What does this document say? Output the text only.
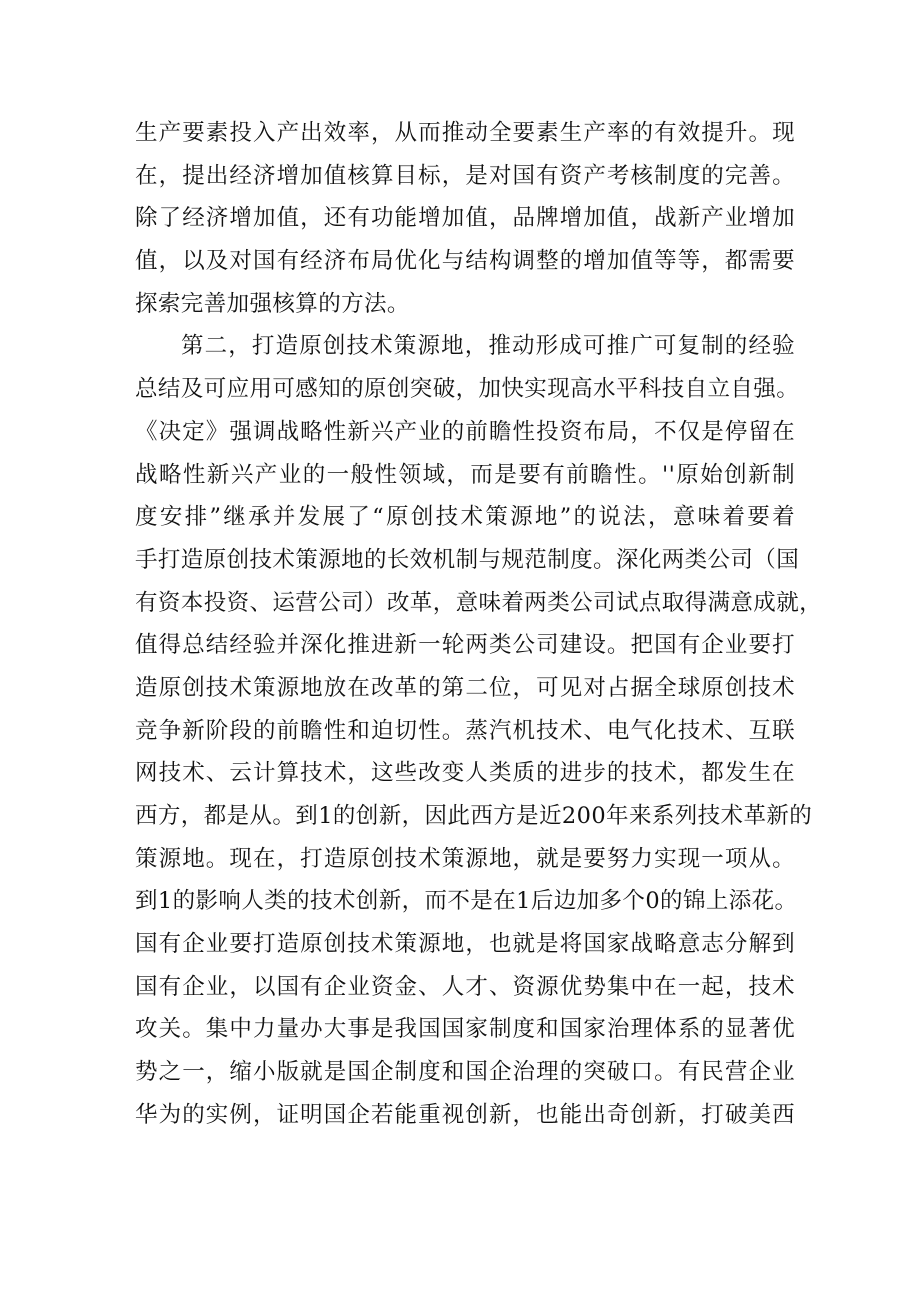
生产要素投入产出效率，从而推动全要素生产率的有效提升。现
在，提出经济增加值核算目标，是对国有资产考核制度的完善。
除了经济增加值，还有功能增加值，品牌增加值，战新产业增加
值，以及对国有经济布局优化与结构调整的增加值等等，都需要
探索完善加强核算的方法。
第二，打造原创技术策源地，推动形成可推广可复制的经验
总结及可应用可感知的原创突破，加快实现高水平科技自立自强。
《决定》强调战略性新兴产业的前瞻性投资布局，不仅是停留在
战略性新兴产业的一般性领域，而是要有前瞻性。''原始创新制
度安排”继承并发展了“原创技术策源地”的说法，意味着要着
手打造原创技术策源地的长效机制与规范制度。深化两类公司（国
有资本投资、运营公司）改革，意味着两类公司试点取得满意成就，
值得总结经验并深化推进新一轮两类公司建设。把国有企业要打
造原创技术策源地放在改革的第二位，可见对占据全球原创技术
竞争新阶段的前瞻性和迫切性。蒸汽机技术、电气化技术、互联
网技术、云计算技术，这些改变人类质的进步的技术，都发生在
西方，都是从。到1的创新，因此西方是近200年来系列技术革新的
策源地。现在，打造原创技术策源地，就是要努力实现一项从。
到1的影响人类的技术创新，而不是在1后边加多个0的锦上添花。
国有企业要打造原创技术策源地，也就是将国家战略意志分解到
国有企业，以国有企业资金、人才、资源优势集中在一起，技术
攻关。集中力量办大事是我国国家制度和国家治理体系的显著优
势之一，缩小版就是国企制度和国企治理的突破口。有民营企业
华为的实例，证明国企若能重视创新，也能出奇创新，打破美西
